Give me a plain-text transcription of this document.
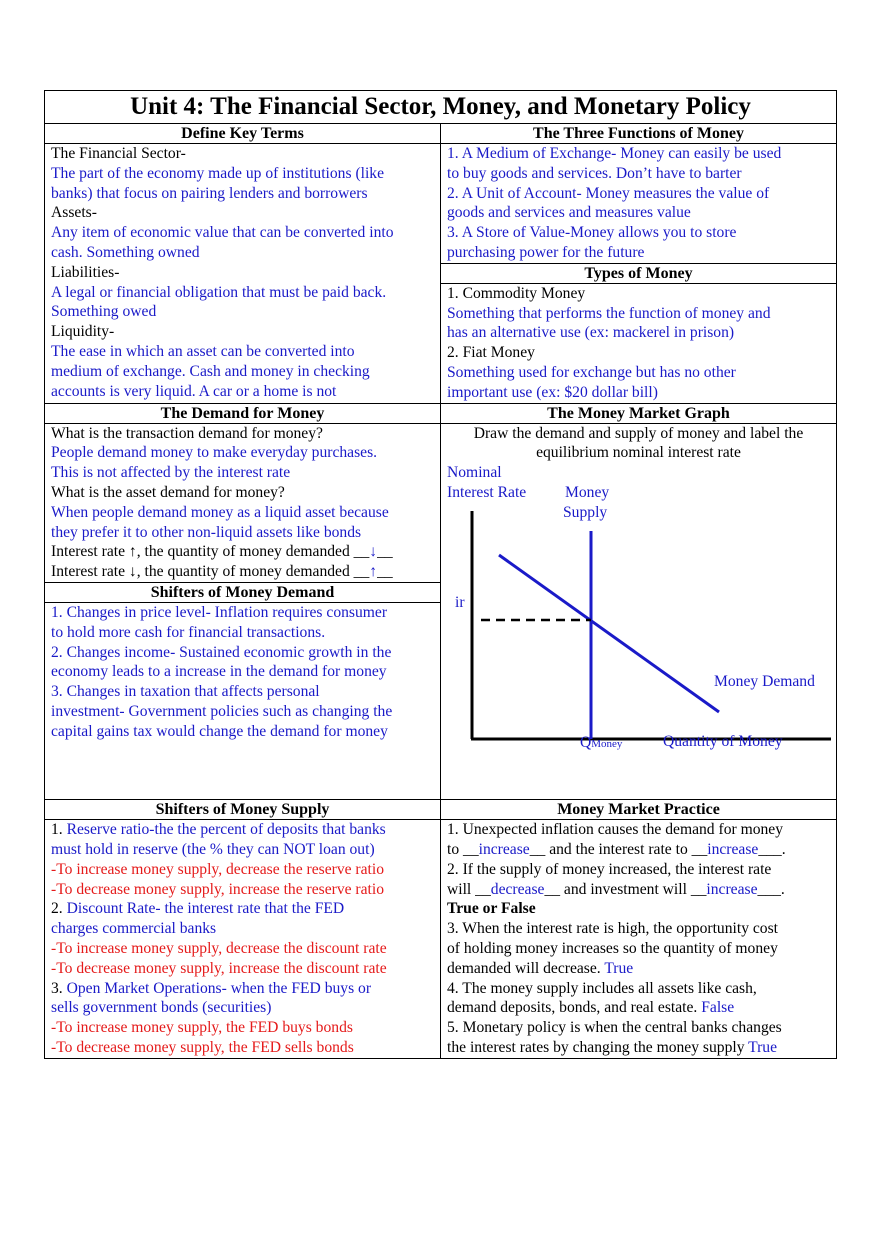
Unit 4: The Financial Sector, Money, and Monetary Policy
Define Key Terms
The Financial Sector-
The part of the economy made up of institutions (like
banks) that focus on pairing lenders and borrowers
Assets-
Any item of economic value that can be converted into
cash. Something owned
Liabilities-
A legal or financial obligation that must be paid back.
Something owed
Liquidity-
The ease in which an asset can be converted into
medium of exchange. Cash and money in checking
accounts is very liquid. A car or a home is not
The Three Functions of Money
1. A Medium of Exchange- Money can easily be used
to buy goods and services. Don’t have to barter
2. A Unit of Account- Money measures the value of
goods and services and measures value
3. A Store of Value-Money allows you to store
purchasing power for the future
Types of Money
1. Commodity Money
Something that performs the function of money and
has an alternative use (ex: mackerel in prison)
2. Fiat Money
Something used for exchange but has no other
important use (ex: $20 dollar bill)
The Demand for Money
What is the transaction demand for money?
People demand money to make everyday purchases.
This is not affected by the interest rate
What is the asset demand for money?
When people demand money as a liquid asset because
they prefer it to other non-liquid assets like bonds
Interest rate ↑, the quantity of money demanded __↓__
Interest rate ↓, the quantity of money demanded __↑__
Shifters of Money Demand
1. Changes in price level- Inflation requires consumer
to hold more cash for financial transactions.
2. Changes income- Sustained economic growth in the
economy leads to a increase in the demand for money
3. Changes in taxation that affects personal
investment- Government policies such as changing the
capital gains tax would change the demand for money
The Money Market Graph
Draw the demand and supply of money and label the
equilibrium nominal interest rate
Nominal
Interest Rate Money
Supply
ir
Money Demand
QMoney	Quantity of Money
Shifters of Money Supply
1. Reserve ratio-the the percent of deposits that banks
must hold in reserve (the % they can NOT loan out)
-To increase money supply, decrease the reserve ratio
-To decrease money supply, increase the reserve ratio
2. Discount Rate- the interest rate that the FED
charges commercial banks
-To increase money supply, decrease the discount rate
-To decrease money supply, increase the discount rate
3. Open Market Operations- when the FED buys or
sells government bonds (securities)
-To increase money supply, the FED buys bonds
-To decrease money supply, the FED sells bonds
Money Market Practice
1. Unexpected inflation causes the demand for money
to __increase__ and the interest rate to __increase___.
2. If the supply of money increased, the interest rate
will __decrease__ and investment will __increase___.
True or False
3. When the interest rate is high, the opportunity cost
of holding money increases so the quantity of money
demanded will decrease. True
4. The money supply includes all assets like cash,
demand deposits, bonds, and real estate. False
5. Monetary policy is when the central banks changes
the interest rates by changing the money supply True
